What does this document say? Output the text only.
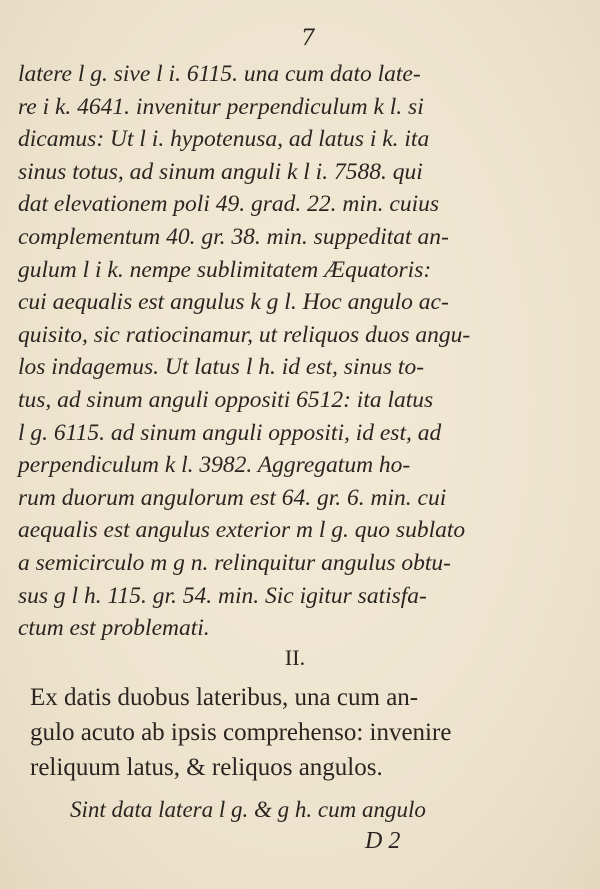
7
latere l g. sive l i. 6115. una cum dato late-
re i k. 4641. invenitur perpendiculum k l. si
dicamus: Ut l i. hypotenusa, ad latus i k. ita
sinus totus, ad sinum anguli k l i. 7588. qui
dat elevationem poli 49. grad. 22. min. cuius
complementum 40. gr. 38. min. suppeditat an-
gulum l i k. nempe sublimitatem Æquatoris:
cui aequalis est angulus k g l. Hoc angulo ac-
quisito, sic ratiocinamur, ut reliquos duos angu-
los indagemus. Ut latus l h. id est, sinus to-
tus, ad sinum anguli oppositi 6512: ita latus
l g. 6115. ad sinum anguli oppositi, id est, ad
perpendiculum k l. 3982. Aggregatum ho-
rum duorum angulorum est 64. gr. 6. min. cui
aequalis est angulus exterior m l g. quo sublato
a semicirculo m g n. relinquitur angulus obtu-
sus g l h. 115. gr. 54. min. Sic igitur satisfa-
ctum est problemati.
II.
Ex datis duobus lateribus, una cum an-
gulo acuto ab ipsis comprehenso: invenire
reliquum latus, & reliquos angulos.
Sint data latera l g. & g h. cum angulo
D 2
